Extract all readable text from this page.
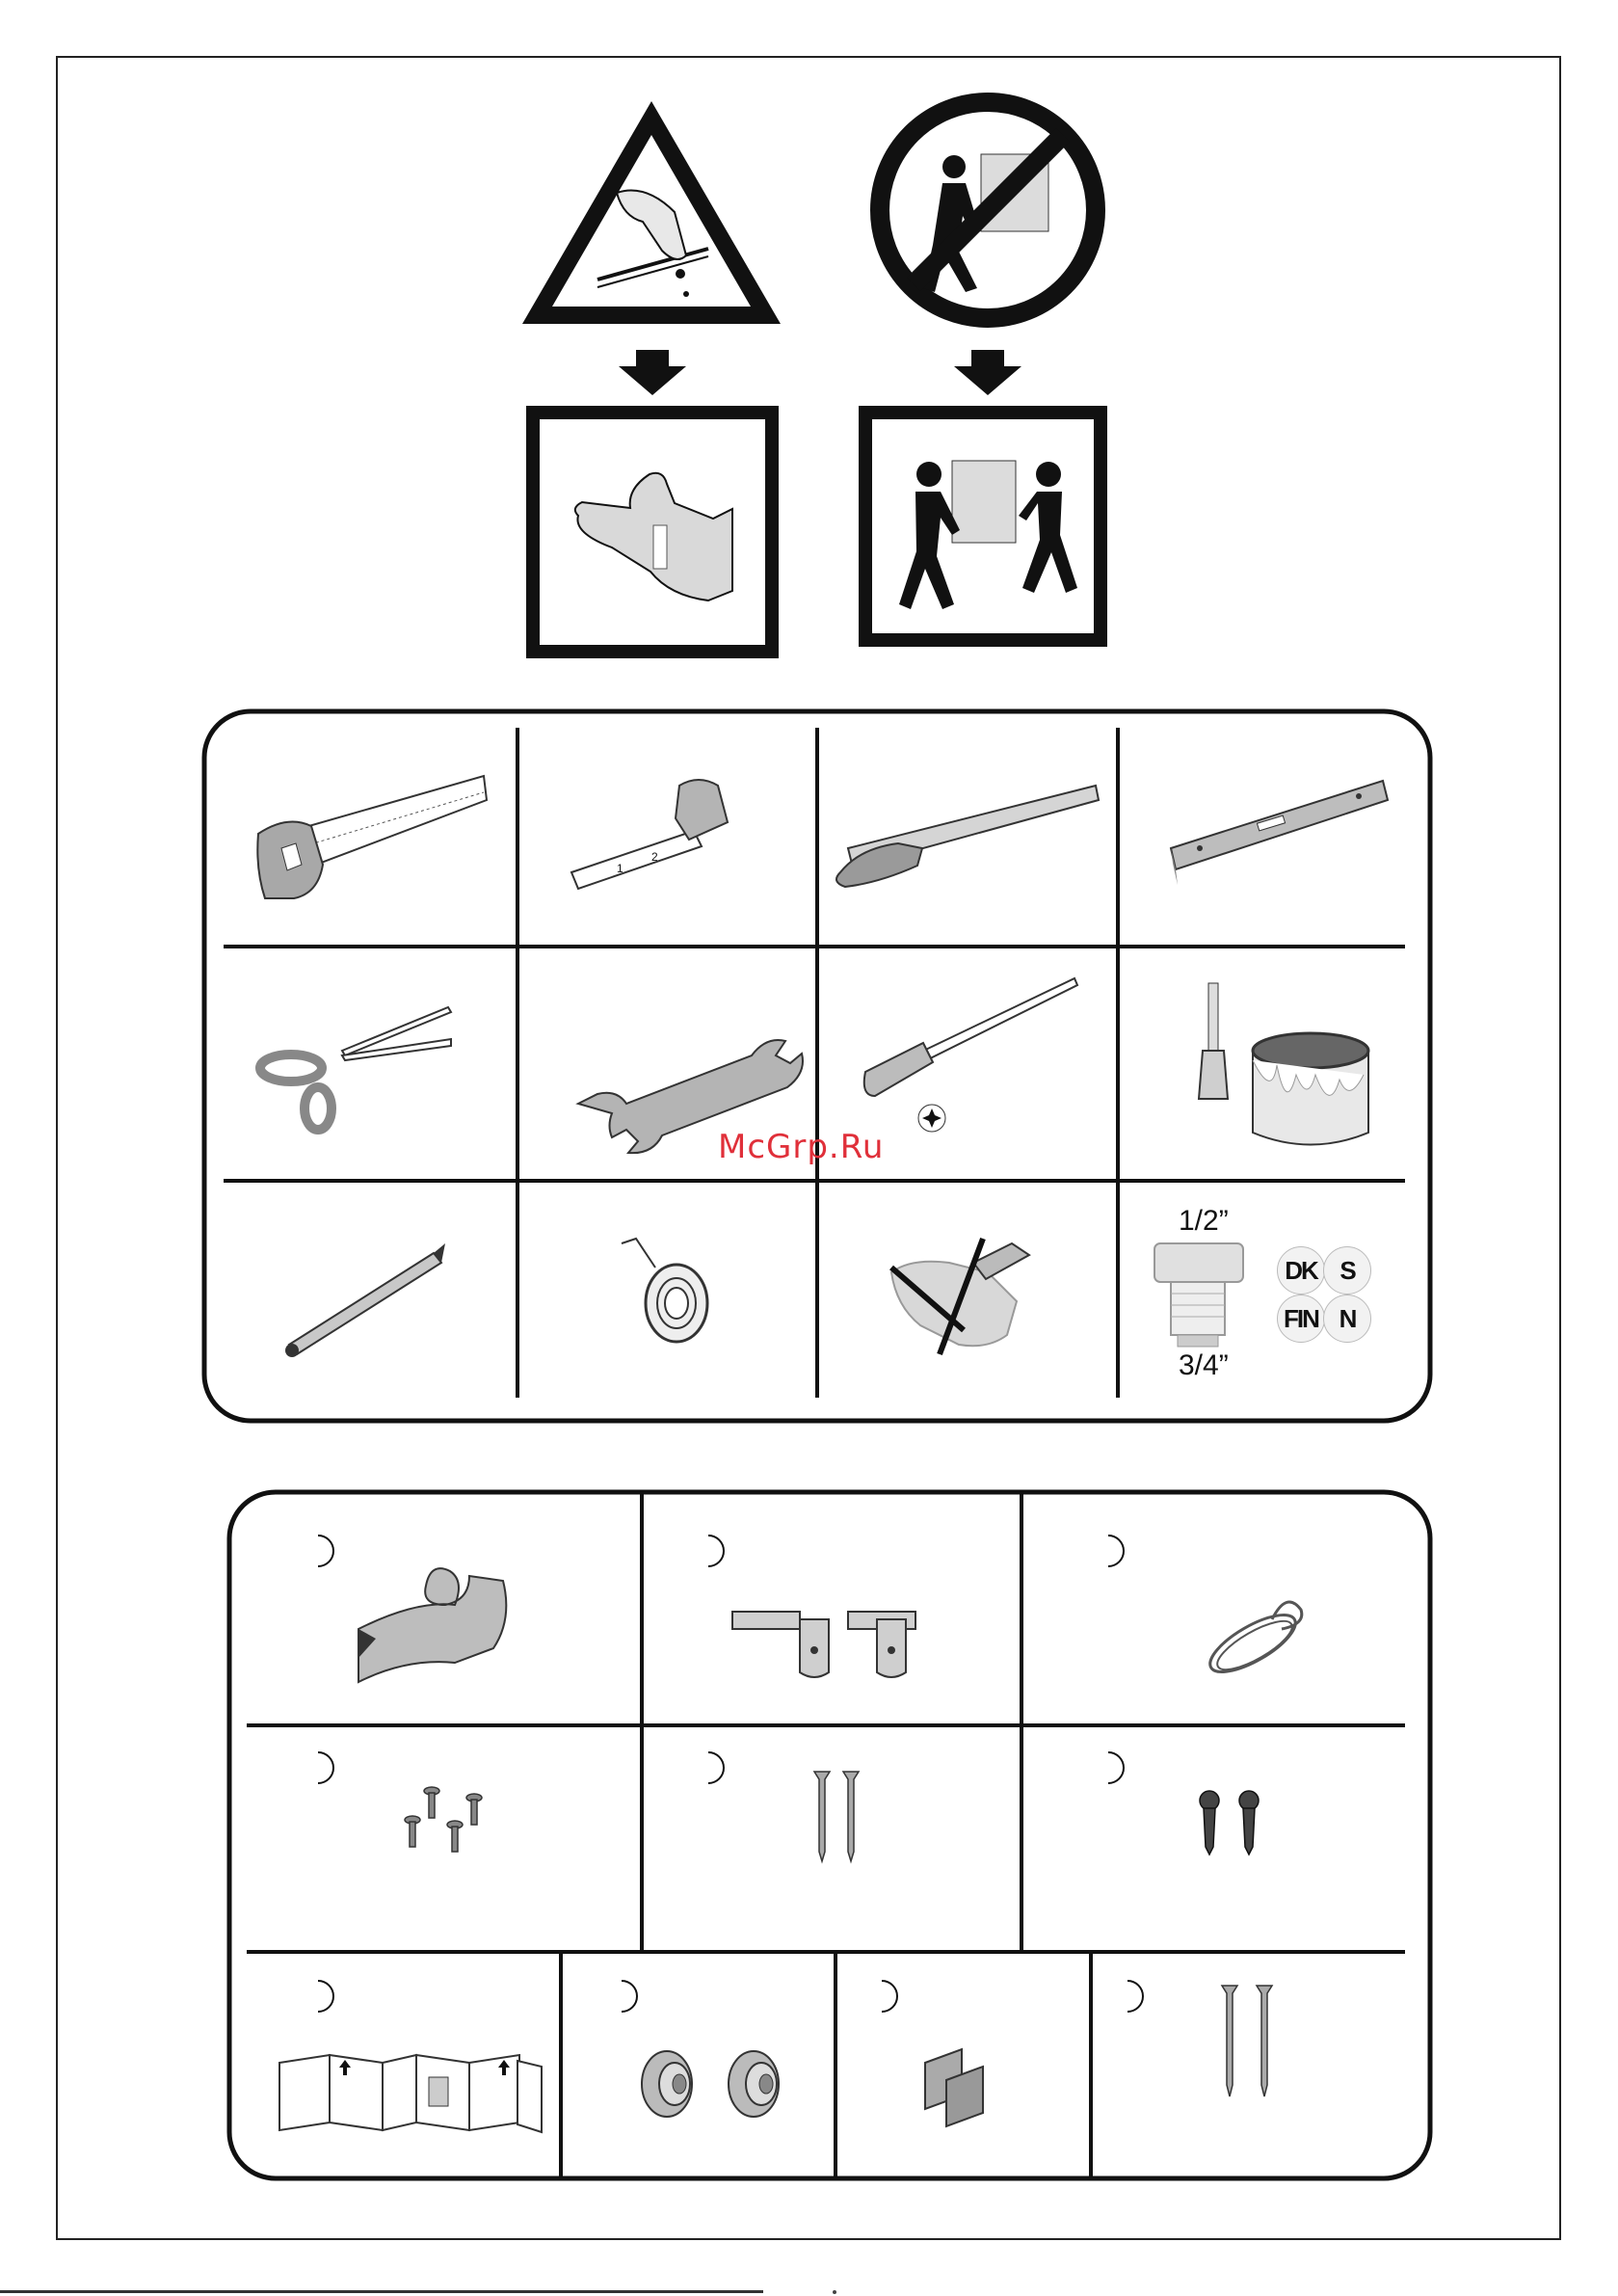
1
2
McGrp.Ru
1/2”
3/4”
DK S
FIN N
